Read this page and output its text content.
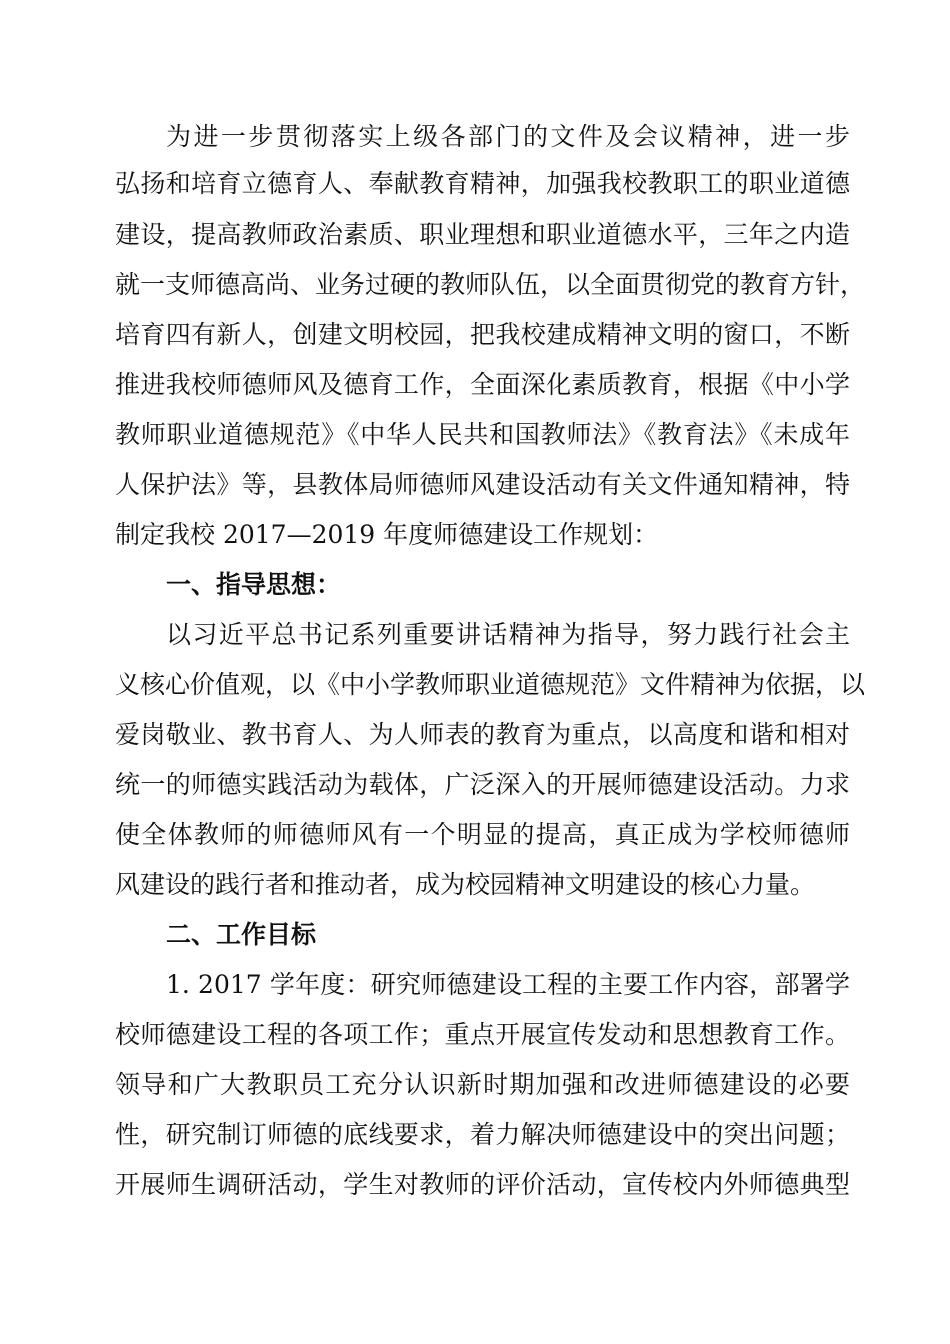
为进一步贯彻落实上级各部门的文件及会议精神，进一步
弘扬和培育立德育人、奉献教育精神，加强我校教职工的职业道德
建设，提高教师政治素质、职业理想和职业道德水平，三年之内造
就一支师德高尚、业务过硬的教师队伍，以全面贯彻党的教育方针，
培育四有新人，创建文明校园，把我校建成精神文明的窗口，不断
推进我校师德师风及德育工作，全面深化素质教育，根据《中小学
教师职业道德规范》《中华人民共和国教师法》《教育法》《未成年
人保护法》等，县教体局师德师风建设活动有关文件通知精神，特
制定我校 2017—2019 年度师德建设工作规划：
一、指导思想：
以习近平总书记系列重要讲话精神为指导，努力践行社会主
义核心价值观，以《中小学教师职业道德规范》文件精神为依据，以
爱岗敬业、教书育人、为人师表的教育为重点，以高度和谐和相对
统一的师德实践活动为载体，广泛深入的开展师德建设活动。力求
使全体教师的师德师风有一个明显的提高，真正成为学校师德师
风建设的践行者和推动者，成为校园精神文明建设的核心力量。
二、工作目标
1. 2017 学年度：研究师德建设工程的主要工作内容，部署学
校师德建设工程的各项工作；重点开展宣传发动和思想教育工作。
领导和广大教职员工充分认识新时期加强和改进师德建设的必要
性，研究制订师德的底线要求，着力解决师德建设中的突出问题；
开展师生调研活动，学生对教师的评价活动，宣传校内外师德典型
